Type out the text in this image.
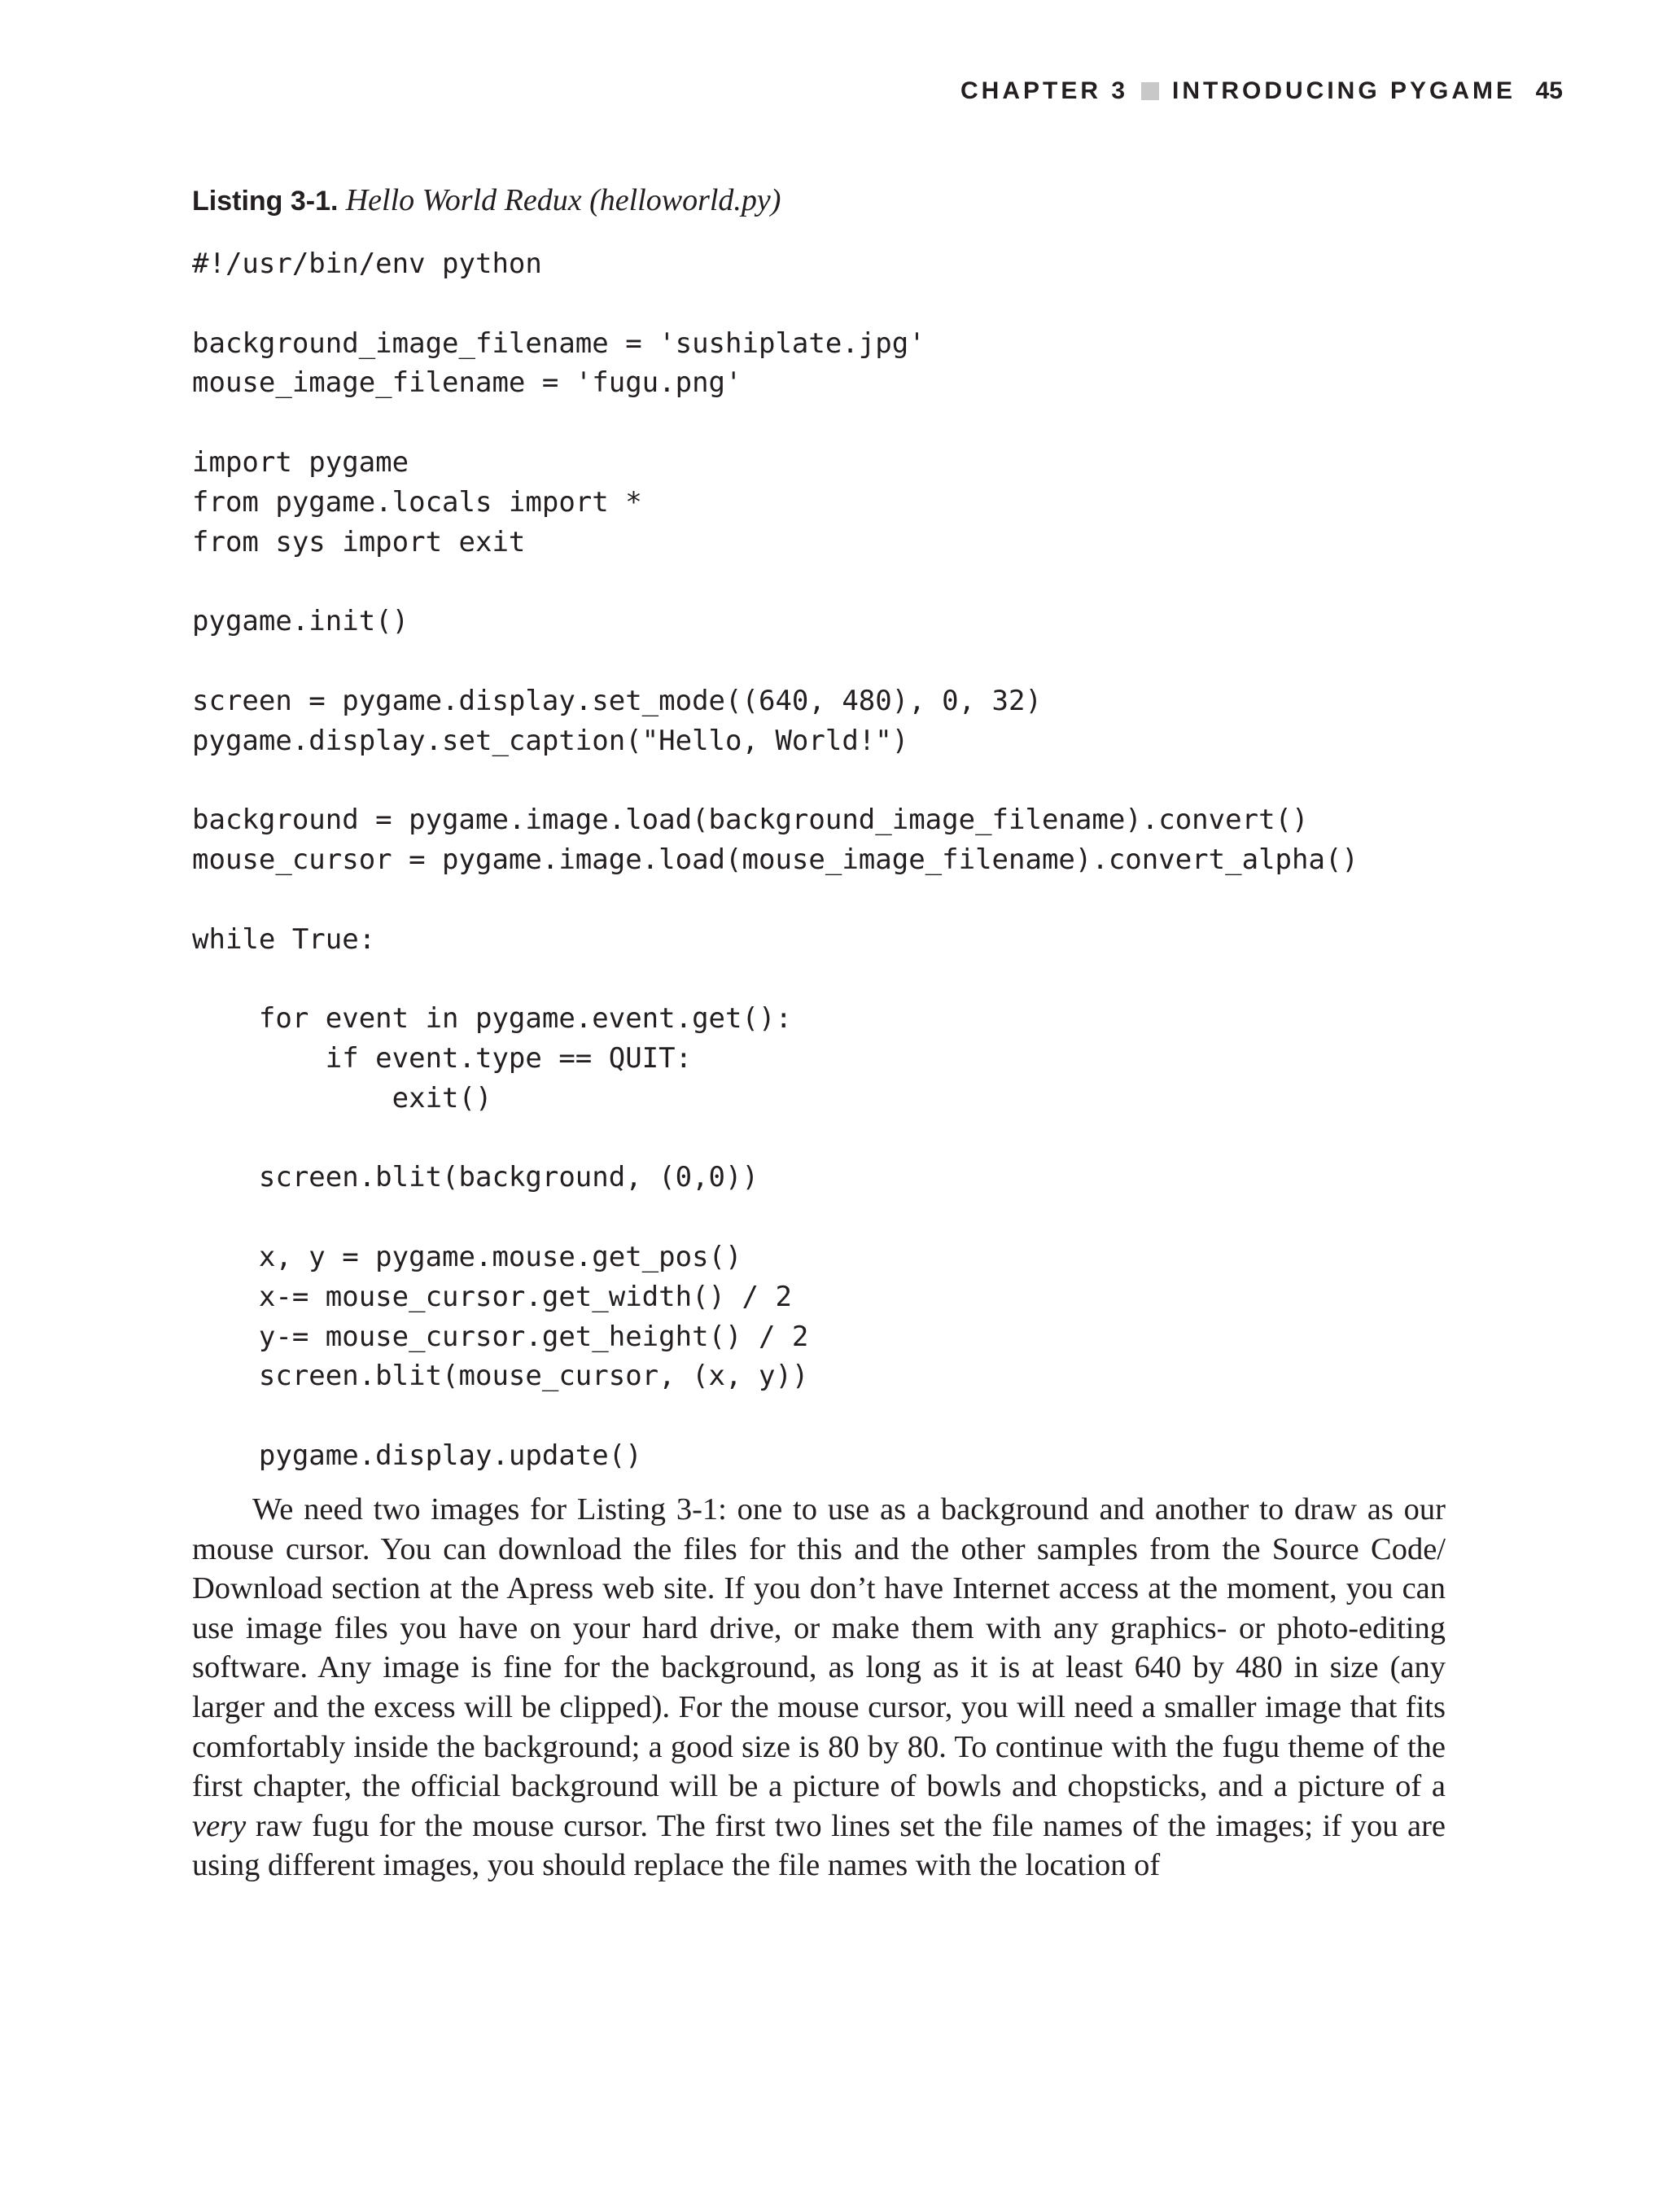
CHAPTER 3 INTRODUCING PYGAME 45
Listing 3-1. Hello World Redux (helloworld.py)
#!/usr/bin/env python
background_image_filename = 'sushiplate.jpg'
mouse_image_filename = 'fugu.png'
import pygame
from pygame.locals import *
from sys import exit
pygame.init()
screen = pygame.display.set_mode((640, 480), 0, 32)
pygame.display.set_caption("Hello, World!")
background = pygame.image.load(background_image_filename).convert()
mouse_cursor = pygame.image.load(mouse_image_filename).convert_alpha()
while True:
for event in pygame.event.get():
if event.type == QUIT:
exit()
screen.blit(background, (0,0))
x, y = pygame.mouse.get_pos()
x-= mouse_cursor.get_width() / 2
y-= mouse_cursor.get_height() / 2
screen.blit(mouse_cursor, (x, y))
pygame.display.update()

We need two images for Listing 3-1: one to use as a background and another to draw as our mouse cursor. You can download the files for this and the other samples from the Source Code/ Download section at the Apress web site. If you don’t have Internet access at the moment, you can use image files you have on your hard drive, or make them with any graphics- or photo-editing software. Any image is fine for the background, as long as it is at least 640 by 480 in size (any larger and the excess will be clipped). For the mouse cursor, you will need a smaller image that fits comfortably inside the background; a good size is 80 by 80. To continue with the fugu theme of the first chapter, the official background will be a picture of bowls and chopsticks, and a picture of a very raw fugu for the mouse cursor. The first two lines set the file names of the images; if you are using different images, you should replace the file names with the location of
